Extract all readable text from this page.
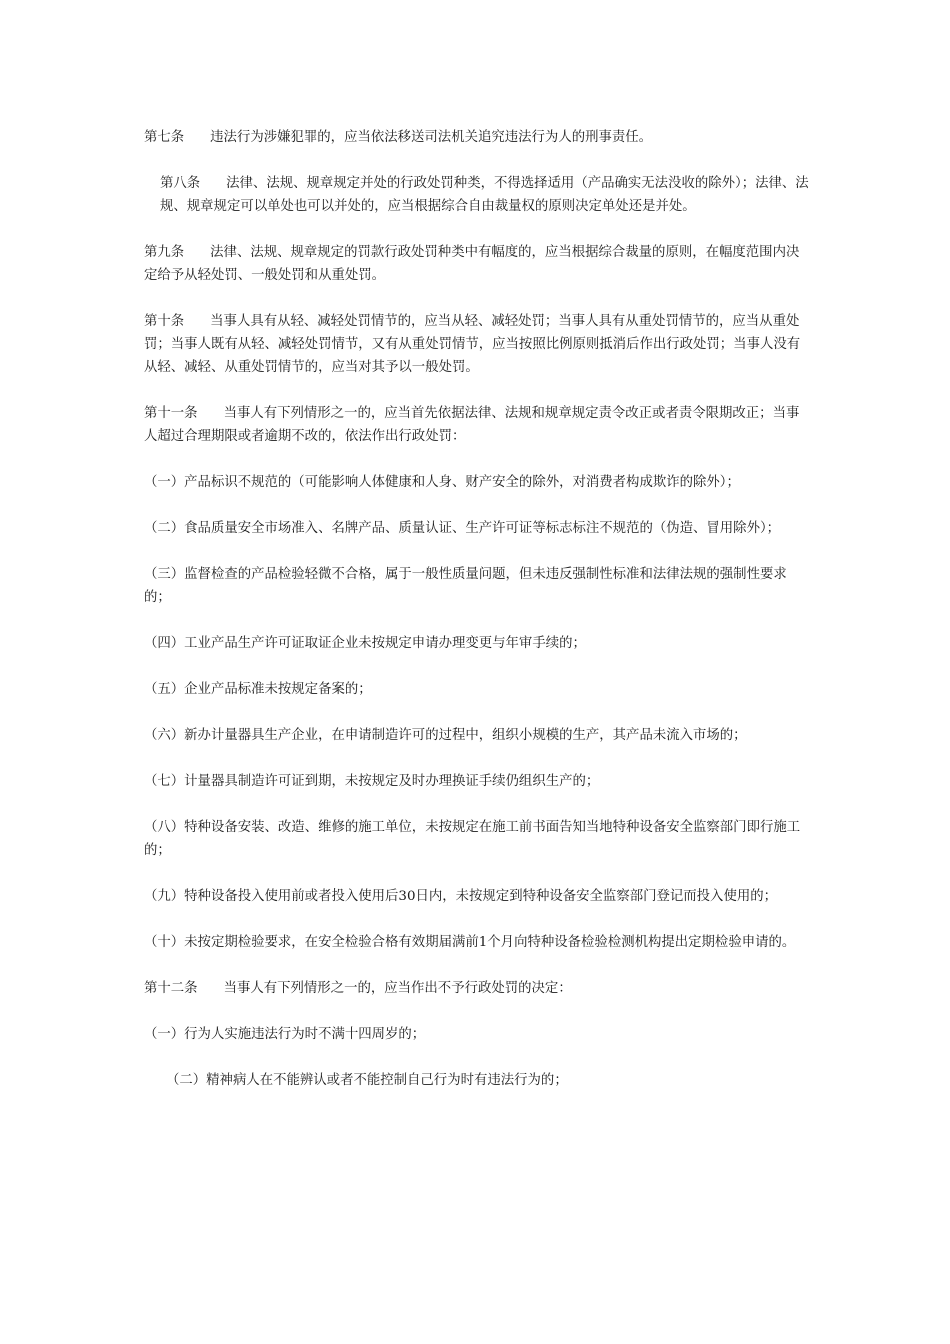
第七条 违法行为涉嫌犯罪的，应当依法移送司法机关追究违法行为人的刑事责任。

第八条 法律、法规、规章规定并处的行政处罚种类，不得选择适用（产品确实无法没收的除外）；法律、法规、规章规定可以单处也可以并处的，应当根据综合自由裁量权的原则决定单处还是并处。

第九条 法律、法规、规章规定的罚款行政处罚种类中有幅度的，应当根据综合裁量的原则，在幅度范围内决定给予从轻处罚、一般处罚和从重处罚。

第十条 当事人具有从轻、减轻处罚情节的，应当从轻、减轻处罚；当事人具有从重处罚情节的，应当从重处罚；当事人既有从轻、减轻处罚情节，又有从重处罚情节，应当按照比例原则抵消后作出行政处罚；当事人没有从轻、减轻、从重处罚情节的，应当对其予以一般处罚。

第十一条 当事人有下列情形之一的，应当首先依据法律、法规和规章规定责令改正或者责令限期改正；当事人超过合理期限或者逾期不改的，依法作出行政处罚：

（一）产品标识不规范的（可能影响人体健康和人身、财产安全的除外，对消费者构成欺诈的除外）；

（二）食品质量安全市场准入、名牌产品、质量认证、生产许可证等标志标注不规范的（伪造、冒用除外）；

（三）监督检查的产品检验轻微不合格，属于一般性质量问题，但未违反强制性标准和法律法规的强制性要求的；

（四）工业产品生产许可证取证企业未按规定申请办理变更与年审手续的；

（五）企业产品标准未按规定备案的；

（六）新办计量器具生产企业，在申请制造许可的过程中，组织小规模的生产，其产品未流入市场的；

（七）计量器具制造许可证到期，未按规定及时办理换证手续仍组织生产的；

（八）特种设备安装、改造、维修的施工单位，未按规定在施工前书面告知当地特种设备安全监察部门即行施工的；

（九）特种设备投入使用前或者投入使用后30日内，未按规定到特种设备安全监察部门登记而投入使用的；

（十）未按定期检验要求，在安全检验合格有效期届满前1个月向特种设备检验检测机构提出定期检验申请的。

第十二条 当事人有下列情形之一的，应当作出不予行政处罚的决定：

（一）行为人实施违法行为时不满十四周岁的；

（二）精神病人在不能辨认或者不能控制自己行为时有违法行为的；
